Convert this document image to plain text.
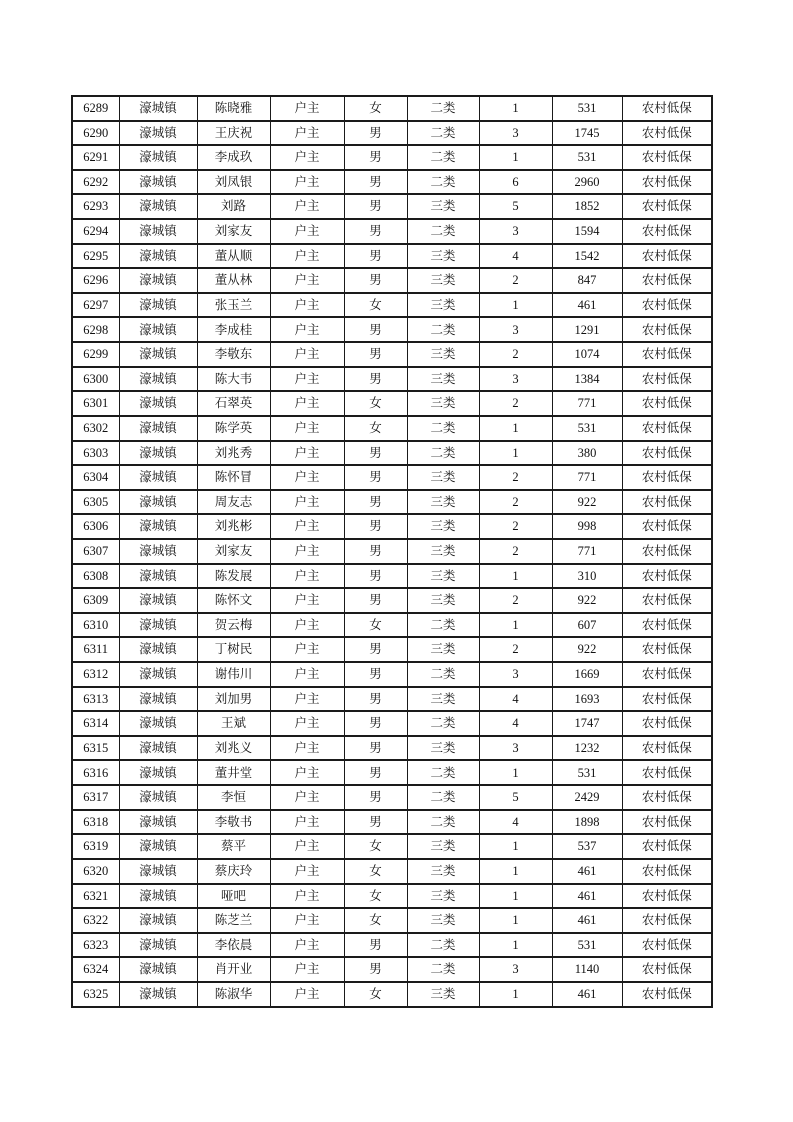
6289	濠城镇	陈晓雅	户主	女	二类	1	531	农村低保
6290	濠城镇	王庆祝	户主	男	二类	3	1745	农村低保
6291	濠城镇	李成玖	户主	男	二类	1	531	农村低保
6292	濠城镇	刘凤银	户主	男	二类	6	2960	农村低保
6293	濠城镇	刘路	户主	男	三类	5	1852	农村低保
6294	濠城镇	刘家友	户主	男	二类	3	1594	农村低保
6295	濠城镇	董从顺	户主	男	三类	4	1542	农村低保
6296	濠城镇	董从林	户主	男	三类	2	847	农村低保
6297	濠城镇	张玉兰	户主	女	三类	1	461	农村低保
6298	濠城镇	李成桂	户主	男	二类	3	1291	农村低保
6299	濠城镇	李敬东	户主	男	三类	2	1074	农村低保
6300	濠城镇	陈大韦	户主	男	三类	3	1384	农村低保
6301	濠城镇	石翠英	户主	女	三类	2	771	农村低保
6302	濠城镇	陈学英	户主	女	二类	1	531	农村低保
6303	濠城镇	刘兆秀	户主	男	二类	1	380	农村低保
6304	濠城镇	陈怀冒	户主	男	三类	2	771	农村低保
6305	濠城镇	周友志	户主	男	三类	2	922	农村低保
6306	濠城镇	刘兆彬	户主	男	三类	2	998	农村低保
6307	濠城镇	刘家友	户主	男	三类	2	771	农村低保
6308	濠城镇	陈发展	户主	男	三类	1	310	农村低保
6309	濠城镇	陈怀文	户主	男	三类	2	922	农村低保
6310	濠城镇	贺云梅	户主	女	二类	1	607	农村低保
6311	濠城镇	丁树民	户主	男	三类	2	922	农村低保
6312	濠城镇	谢伟川	户主	男	二类	3	1669	农村低保
6313	濠城镇	刘加男	户主	男	三类	4	1693	农村低保
6314	濠城镇	王斌	户主	男	二类	4	1747	农村低保
6315	濠城镇	刘兆义	户主	男	三类	3	1232	农村低保
6316	濠城镇	董井堂	户主	男	二类	1	531	农村低保
6317	濠城镇	李恒	户主	男	二类	5	2429	农村低保
6318	濠城镇	李敬书	户主	男	二类	4	1898	农村低保
6319	濠城镇	蔡平	户主	女	三类	1	537	农村低保
6320	濠城镇	蔡庆玲	户主	女	三类	1	461	农村低保
6321	濠城镇	哑吧	户主	女	三类	1	461	农村低保
6322	濠城镇	陈芝兰	户主	女	三类	1	461	农村低保
6323	濠城镇	李依晨	户主	男	二类	1	531	农村低保
6324	濠城镇	肖开业	户主	男	二类	3	1140	农村低保
6325	濠城镇	陈淑华	户主	女	三类	1	461	农村低保
